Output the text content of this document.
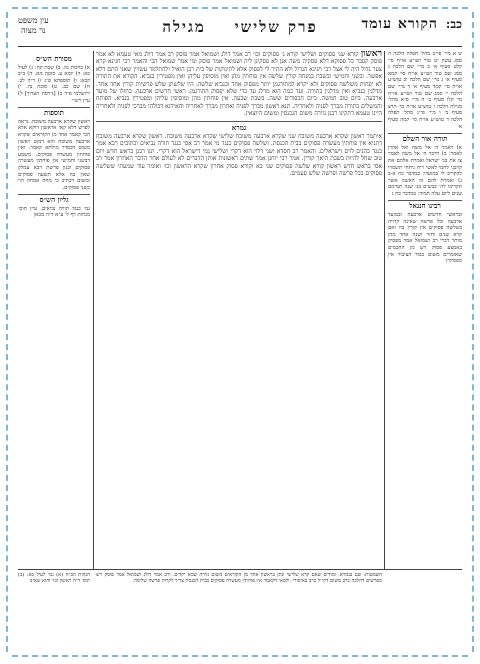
כב:
הקורא עומד
פרק שלישי    מגילה
עין משפט
נר מצוה
ש א מיי׳ פי״ב מהל׳ תפלה הלכה ה סמג עשין יט טור ושו״ע או״ח סי׳ קלט סעיף א׳ ב מיי׳ שם הלכה ג סמג שם טור ושו״ע או״ח סי׳ קמא סעיף א׳ ג מיי׳ שם הלכה יב טוש״ע או״ח סי׳ קמד סעיף א׳ ד מיי׳ שם הלכה י׳ סמג שם טור ושו״ע או״ח סי׳ קלז סעיף ב׳ ה מיי׳ פ״א מהל׳ מגילה הלכה ז טוש״ע או״ח סי׳ תרצ סעיף ב׳ ו מיי׳ פי״ג מהל׳ תפלה הלכה ד טוש״ע או״ח סי׳ קמה סעיף א׳
תורה אור השלם
א) ויאמר ה׳ אל משה ואל אהרן לאמר: ב) וידבר ה׳ אל משה לאמר צו את בני ישראל ואמרת אלהם את קרבני לחמי לאשי ריח ניחחי תשמרו להקריב לי במועדו: במדבר כח א-ב ג) ואמרת להם זה האשה אשר תקריבו לה׳ כבשים בני שנה תמימם שנים ליום עלה תמיד: במדבר כח ג
רבינו חננאל
ובראשי חדשים ארבעה ובמועד ארבעה וכל פרשה שאינה קרויה בשלשה פסוקים אין קורין בה ואם קרא שנים וחזר ושנה אחד מהן מותר דברי רב ושמואל אמר מפסיק באמצע פסוק ויש מן החכמים שאומרים משום כבוד הציבור אין מפסיקין
ראשון קורא שני פסוקים ושלישי קורא ג׳ פסוקים וכו׳ רב אמר דולג ושמואל אמר פוסק רב אמר דולג מאי טעמא לא אמר פוסק קסבר כל פסוקא דלא פסקיה משה אנן לא פסקינן ליה ושמואל אמר פוסק ומי אמר שמואל הכי והאמר רבי חנינא קרא צער גדול היה לי אצל רבי חנינא הגדול ולא התיר לי לפסוק אלא לתינוקות של בית רבן הואיל ולהתלמד עשויין שאני התם דלא אפשר. ובשני וחמישי ובשבת במנחה קורין שלשה אין פוחתין מהן ואין מוסיפין עליהן ואין מפטירין בנביא. הקורא את התורה לא יפחות משלשה פסוקים ולא יקרא למתורגמן יותר מפסוק אחד ובנביא שלשה. היו שלשתן שלש פרשיות קורין אחד אחד. מדלגין בנביא ואין מדלגין בתורה. ועד כמה הוא מדלג עד כדי שלא יפסוק התורגמן. ראשי חדשים ארבעה. בחולו של מועד ארבעה. ביום טוב חמשה. ביום הכפורים ששה. בשבת שבעה. אין פוחתין מהן ומוסיפין עליהן ומפטירין בנביא. הפותח והמשלים בתורה מברך לפניה ולאחריה. תנא ראשון מברך לפניה ואחרון מברך לאחריה והאידנא דכולהו מברכי לפניה ולאחריה היינו טעמא דתקינו רבנן גזירה משום הנכנסין ומשום היוצאין.
גמרא
איתמר ראשון שקרא ארבעה משובח שני שקרא ארבעה משובח שלישי שקרא ארבעה משובח. ראשון שקרא ארבעה משובח דתניא אין פוחתין מעשרה פסוקים בבית הכנסת. ושלשה פסוקים כנגד מי אמר רב אסי כנגד תורה נביאים וכתובים רבא אמר כנגד כהנים לוים וישראלים. והאמר רב חסדא ושני דלוי הוא דקרי ושלישי נמי דישראל הוא דקרי. תנו רבנן בראש חדש ויום טוב שחל להיות בשבת היאך קורין. אמר רבי יוחנן אמר שתים ראשונות אותן הדברים לא לעולם אחר הדבר האחרון אמר רב אסי בראש חדש ראשון קורא שלשה פסוקים שני בא וקורא פסוק אחרון שקרא הראשון וכו׳ ואומר עוד שמעתי ששלשה פסוקים בכל פרשה ופרשה שלש פעמים.
מסורת הש״ס
א) ברכות נה. ב) שבת קח: ג) לעיל כא: ד) יומא ע. סוטה מא. ה) ב״ב קכא: ו) תוספתא פ״ג ז) ר״ה לב. ח) שם כב. ט) סוכה נה. י) ירושלמי פ״ד כ) [גירסת הערוך] ל) עיין רש״י
תוספות
ראשון שקרא ארבעה משובח. נראה לפרש דלא קאי אראשון דוקא אלא הכי קאמר אחד מן הקוראים שקרא ארבעה משובח והא דנקט ראשון משום דבסדר מילתא קאמר. ואין פוחתין מעשרה פסוקים. משמע דבשני וחמישי אין פוחתין מעשרה פסוקים וכגון פרשת ויבא עמלק שאין בה אלא תשעה פסוקים ומשום דכתיב כי מחה אמחה הוי כשני פסוקים.
גליון הש״ס
גמ׳ כנגד תורה נביאים. עיין תוס׳ מנחות דף ל׳ ע״א ד״ה מכאן
השמטות: שם בגמרא. ומודים שאם קרא שלישי ונתן בראשון אחד מן הקוראים משום גזירה שמא יקדים. ורב אמר דולג ושמואל אמר פוסק ויש מפרשים דהלכה כרב משום דקי״ל כרב באיסורי. ולמאי דקאמר אין פוחתין מעשרה פסוקים בבית הכנסת צריך לקרות פרשה שלימה.
הגהות הב״ח (א) גמ׳ לעיל כא: (ב) תוס׳ ד״ה ראשון וכו׳ והוא שאינו
